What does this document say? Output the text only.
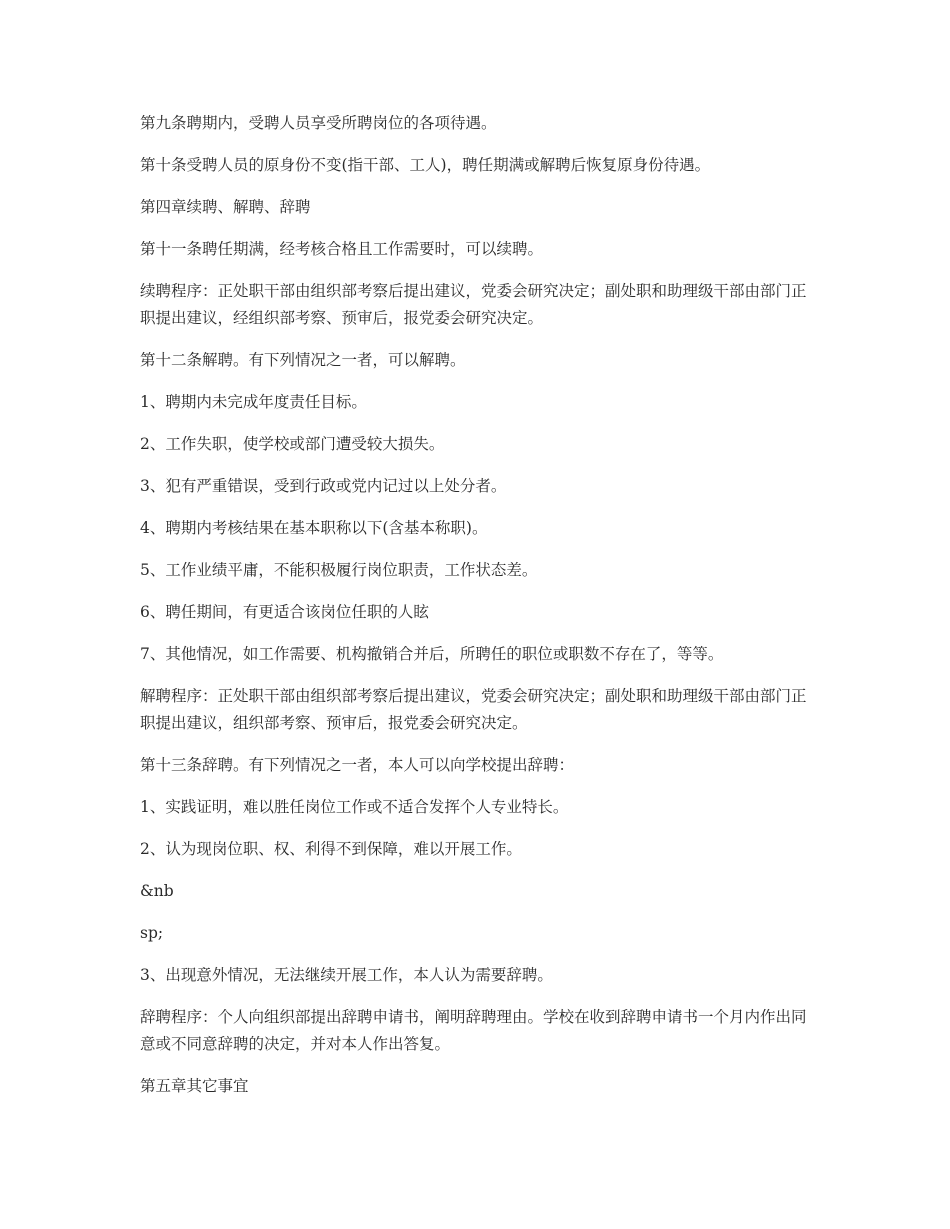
第九条聘期内，受聘人员享受所聘岗位的各项待遇。

第十条受聘人员的原身份不变(指干部、工人)，聘任期满或解聘后恢复原身份待遇。

第四章续聘、解聘、辞聘

第十一条聘任期满，经考核合格且工作需要时，可以续聘。

续聘程序：正处职干部由组织部考察后提出建议，党委会研究决定；副处职和助理级干部由部门正职提出建议，经组织部考察、预审后，报党委会研究决定。

第十二条解聘。有下列情况之一者，可以解聘。

1、聘期内未完成年度责任目标。

2、工作失职，使学校或部门遭受较大损失。

3、犯有严重错误，受到行政或党内记过以上处分者。

4、聘期内考核结果在基本职称以下(含基本称职)。

5、工作业绩平庸，不能积极履行岗位职责，工作状态差。

6、聘任期间，有更适合该岗位任职的人眩

7、其他情况，如工作需要、机构撤销合并后，所聘任的职位或职数不存在了，等等。

解聘程序：正处职干部由组织部考察后提出建议，党委会研究决定；副处职和助理级干部由部门正职提出建议，组织部考察、预审后，报党委会研究决定。

第十三条辞聘。有下列情况之一者，本人可以向学校提出辞聘：

1、实践证明，难以胜任岗位工作或不适合发挥个人专业特长。

2、认为现岗位职、权、利得不到保障，难以开展工作。

&nb

sp;

3、出现意外情况，无法继续开展工作，本人认为需要辞聘。

辞聘程序：个人向组织部提出辞聘申请书，阐明辞聘理由。学校在收到辞聘申请书一个月内作出同意或不同意辞聘的决定，并对本人作出答复。

第五章其它事宜
